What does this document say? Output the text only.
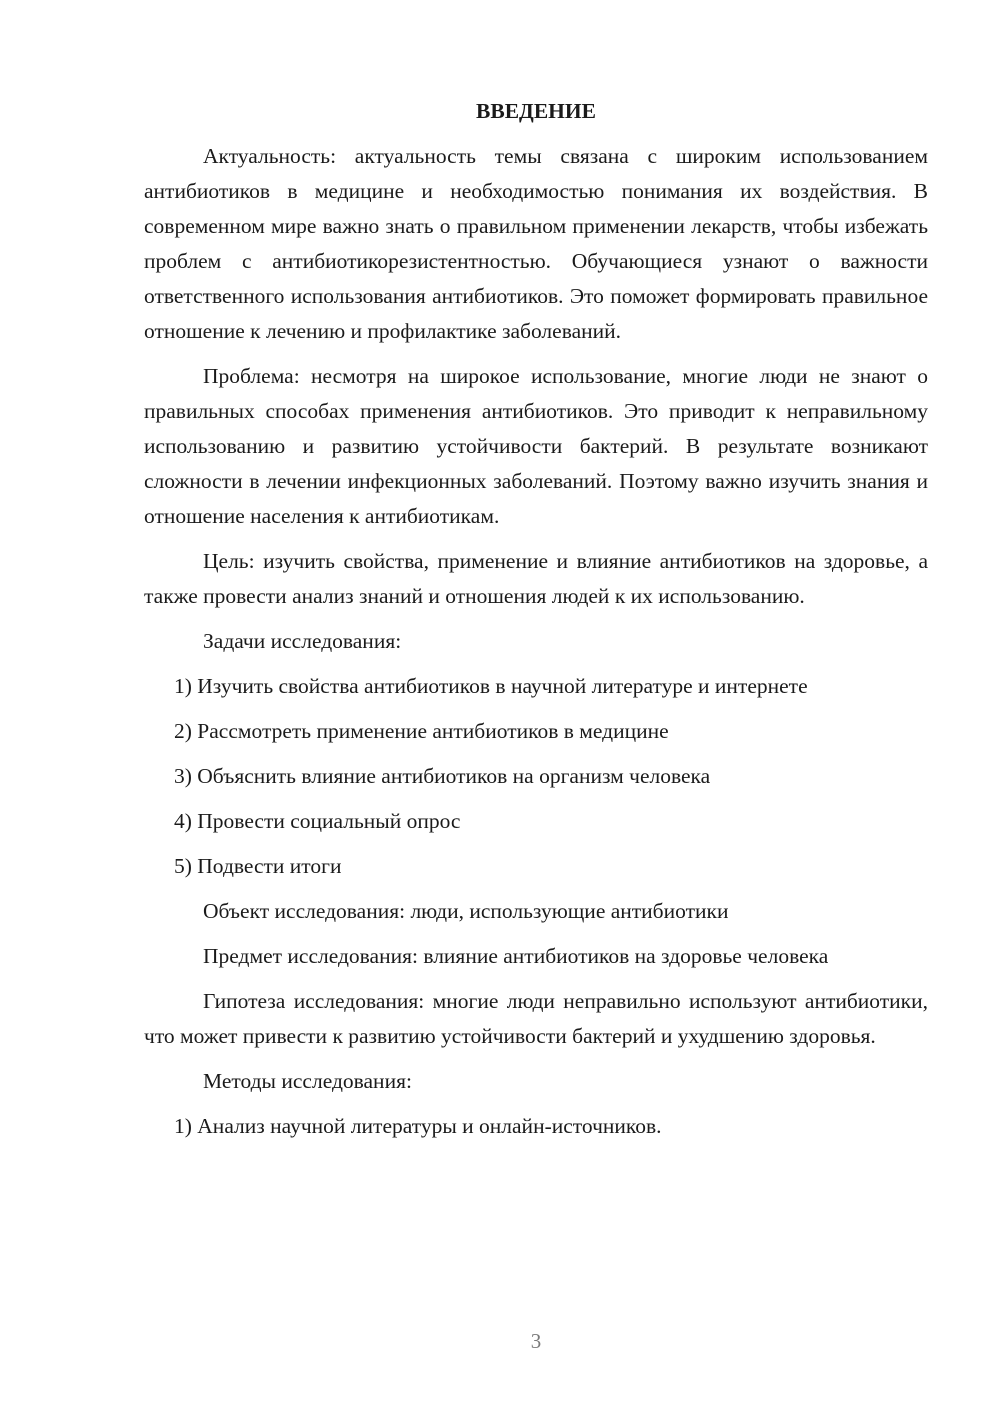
ВВЕДЕНИЕ

Актуальность: актуальность темы связана с широким использованием антибиотиков в медицине и необходимостью понимания их воздействия. В современном мире важно знать о правильном применении лекарств, чтобы избежать проблем с антибиотикорезистентностью. Обучающиеся узнают о важности ответственного использования антибиотиков. Это поможет формировать правильное отношение к лечению и профилактике заболеваний.

Проблема: несмотря на широкое использование, многие люди не знают о правильных способах применения антибиотиков. Это приводит к неправильному использованию и развитию устойчивости бактерий. В результате возникают сложности в лечении инфекционных заболеваний. Поэтому важно изучить знания и отношение населения к антибиотикам.

Цель: изучить свойства, применение и влияние антибиотиков на здоровье, а также провести анализ знаний и отношения людей к их использованию.

Задачи исследования:

1) Изучить свойства антибиотиков в научной литературе и интернете

2) Рассмотреть применение антибиотиков в медицине

3) Объяснить влияние антибиотиков на организм человека

4) Провести социальный опрос

5) Подвести итоги

Объект исследования: люди, использующие антибиотики

Предмет исследования: влияние антибиотиков на здоровье человека

Гипотеза исследования: многие люди неправильно используют антибиотики, что может привести к развитию устойчивости бактерий и ухудшению здоровья.

Методы исследования:

1) Анализ научной литературы и онлайн-источников.

3
